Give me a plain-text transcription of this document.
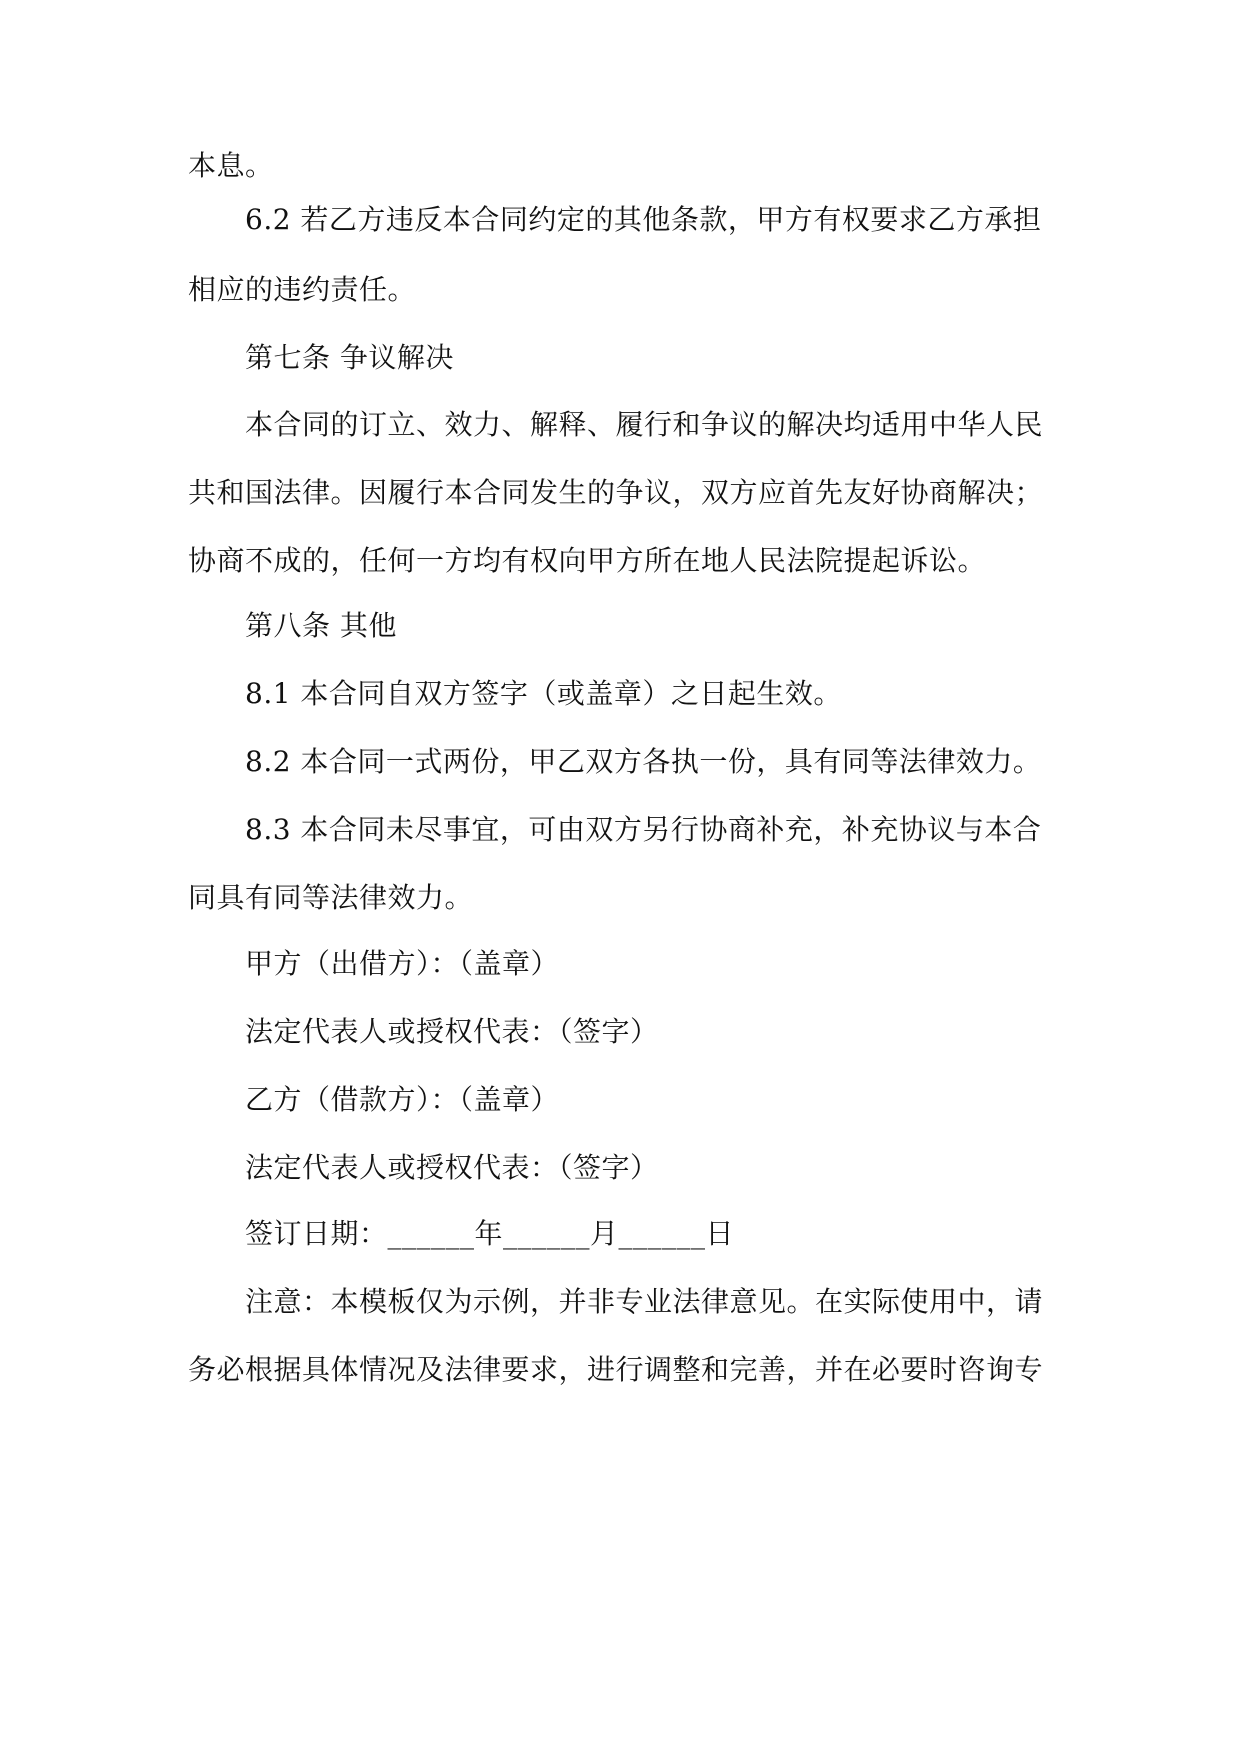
本息。
6.2 若乙方违反本合同约定的其他条款，甲方有权要求乙方承担
相应的违约责任。
第七条 争议解决
本合同的订立、效力、解释、履行和争议的解决均适用中华人民
共和国法律。因履行本合同发生的争议，双方应首先友好协商解决；
协商不成的，任何一方均有权向甲方所在地人民法院提起诉讼。
第八条 其他
8.1 本合同自双方签字（或盖章）之日起生效。
8.2 本合同一式两份，甲乙双方各执一份，具有同等法律效力。
8.3 本合同未尽事宜，可由双方另行协商补充，补充协议与本合
同具有同等法律效力。
甲方（出借方）：（盖章）
法定代表人或授权代表：（签字）
乙方（借款方）：（盖章）
法定代表人或授权代表：（签字）
签订日期：______年______月______日
注意：本模板仅为示例，并非专业法律意见。在实际使用中，请
务必根据具体情况及法律要求，进行调整和完善，并在必要时咨询专
